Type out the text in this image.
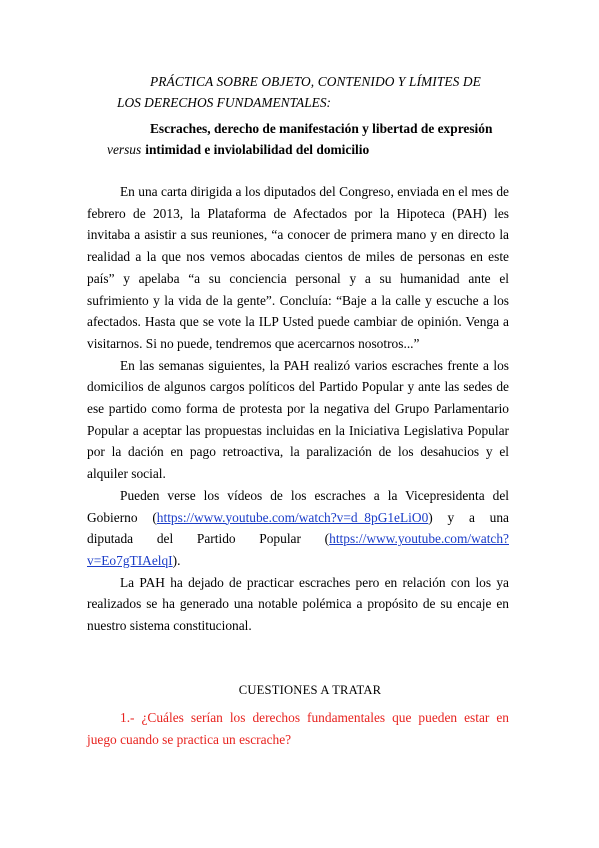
PRÁCTICA SOBRE OBJETO, CONTENIDO Y LÍMITES DE
LOS DERECHOS FUNDAMENTALES:
Escraches, derecho de manifestación y libertad de expresión
versus intimidad e inviolabilidad del domicilio

En una carta dirigida a los diputados del Congreso, enviada en el mes de febrero de 2013, la Plataforma de Afectados por la Hipoteca (PAH) les invitaba a asistir a sus reuniones, “a conocer de primera mano y en directo la realidad a la que nos vemos abocadas cientos de miles de personas en este país” y apelaba “a su conciencia personal y a su humanidad ante el sufrimiento y la vida de la gente”. Concluía: “Baje a la calle y escuche a los afectados. Hasta que se vote la ILP Usted puede cambiar de opinión. Venga a visitarnos. Si no puede, tendremos que acercarnos nosotros...”

En las semanas siguientes, la PAH realizó varios escraches frente a los domicilios de algunos cargos políticos del Partido Popular y ante las sedes de ese partido como forma de protesta por la negativa del Grupo Parlamentario Popular a aceptar las propuestas incluidas en la Iniciativa Legislativa Popular por la dación en pago retroactiva, la paralización de los desahucios y el alquiler social.

Pueden verse los vídeos de los escraches a la Vicepresidenta del Gobierno (https://www.youtube.com/watch?v=d_8pG1eLiO0) y a una diputada del Partido Popular (https://www.youtube.com/watch?v=Eo7gTIAelqI).

La PAH ha dejado de practicar escraches pero en relación con los ya realizados se ha generado una notable polémica a propósito de su encaje en nuestro sistema constitucional.

CUESTIONES A TRATAR

1.- ¿Cuáles serían los derechos fundamentales que pueden estar en juego cuando se practica un escrache?
